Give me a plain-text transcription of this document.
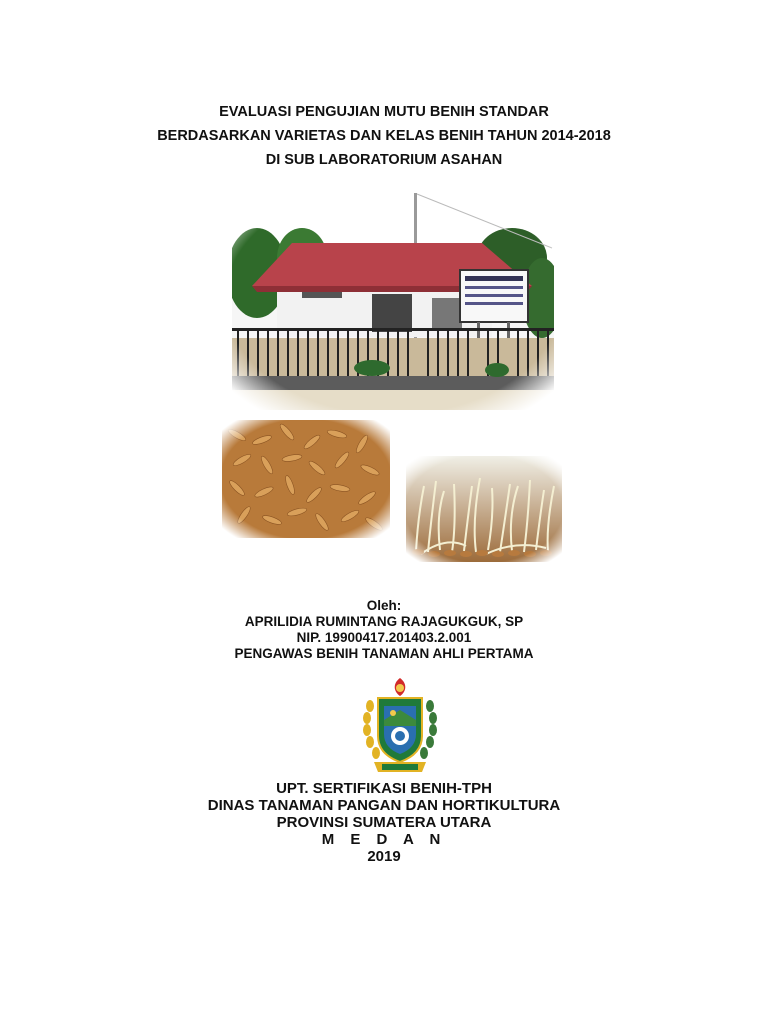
EVALUASI PENGUJIAN MUTU BENIH STANDAR
BERDASARKAN VARIETAS DAN KELAS BENIH TAHUN 2014-2018
DI SUB LABORATORIUM ASAHAN
Oleh:
APRILIDIA RUMINTANG RAJAGUKGUK, SP
NIP. 19900417.201403.2.001
PENGAWAS BENIH TANAMAN AHLI PERTAMA
UPT. SERTIFIKASI BENIH-TPH
DINAS TANAMAN PANGAN DAN HORTIKULTURA
PROVINSI SUMATERA UTARA
M E D A N
2019
